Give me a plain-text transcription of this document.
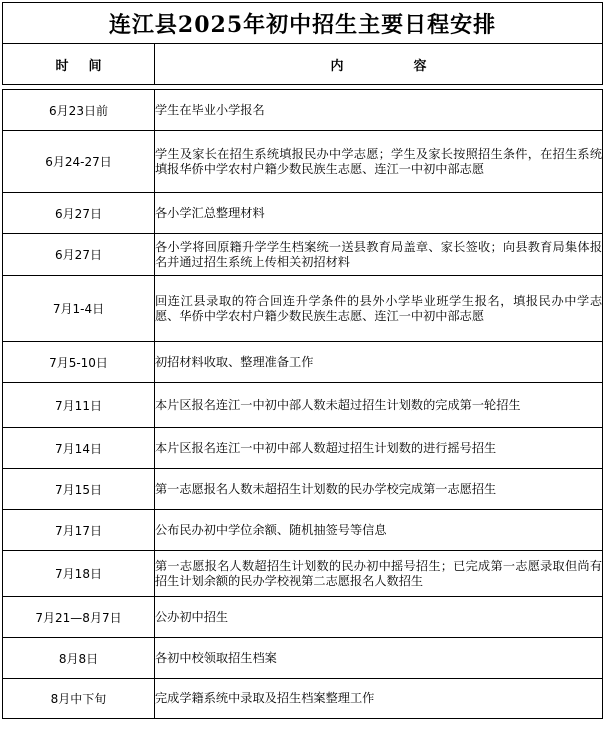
连江县2025年初中招生主要日程安排	
时间	内容

6月23日前	学生在毕业小学报名
6月24-27日	学生及家长在招生系统填报民办中学志愿；学生及家长按照招生条件，在招生系统填报华侨中学农村户籍少数民族生志愿、连江一中初中部志愿
6月27日	各小学汇总整理材料
6月27日	各小学将回原籍升学学生档案统一送县教育局盖章、家长签收；向县教育局集体报名并通过招生系统上传相关初招材料
7月1-4日	回连江县录取的符合回连升学条件的县外小学毕业班学生报名，填报民办中学志愿、华侨中学农村户籍少数民族生志愿、连江一中初中部志愿
7月5-10日	初招材料收取、整理准备工作
7月11日	本片区报名连江一中初中部人数未超过招生计划数的完成第一轮招生
7月14日	本片区报名连江一中初中部人数超过招生计划数的进行摇号招生
7月15日	第一志愿报名人数未超招生计划数的民办学校完成第一志愿招生
7月17日	公布民办初中学位余额、随机抽签号等信息
7月18日	第一志愿报名人数超招生计划数的民办初中摇号招生；已完成第一志愿录取但尚有招生计划余额的民办学校视第二志愿报名人数招生
7月21—8月7日	公办初中招生
8月8日	各初中校领取招生档案
8月中下旬	完成学籍系统中录取及招生档案整理工作
